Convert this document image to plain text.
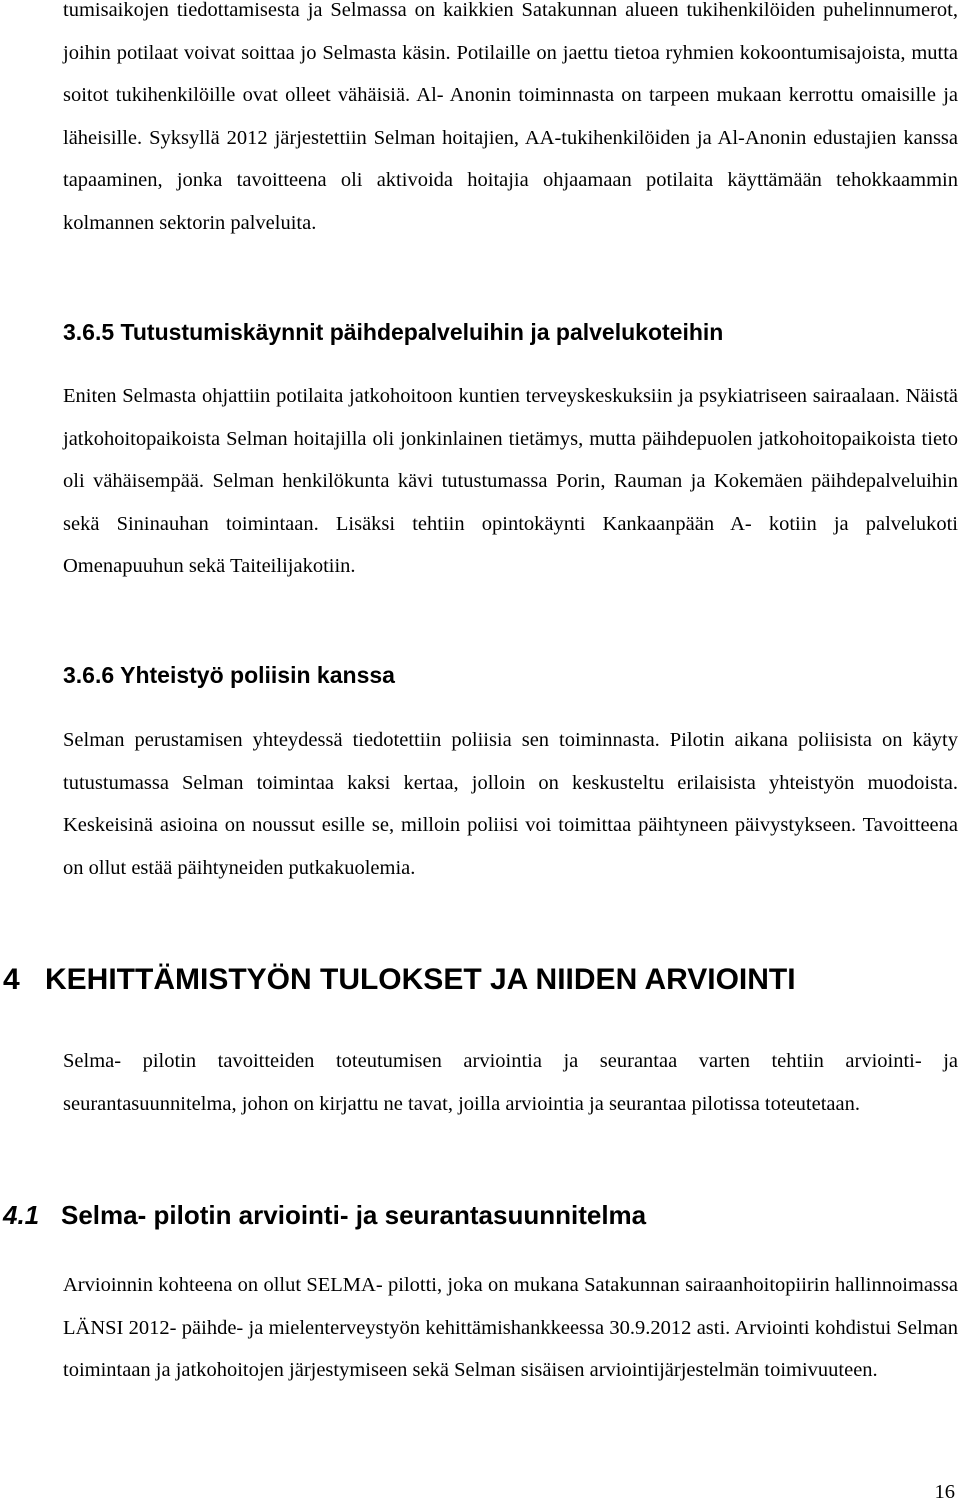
tumisaikojen tiedottamisesta ja Selmassa on kaikkien Satakunnan alueen tukihenkilöiden puhelinnumerot, joihin potilaat voivat soittaa jo Selmasta käsin. Potilaille on jaettu tietoa ryhmien kokoontumisajoista, mutta soitot tukihenkilöille ovat olleet vähäisiä. Al- Anonin toiminnasta on tarpeen mukaan kerrottu omaisille ja läheisille. Syksyllä 2012 järjestettiin Selman hoitajien, AA-tukihenkilöiden ja Al-Anonin edustajien kanssa tapaaminen, jonka tavoitteena oli aktivoida hoitajia ohjaamaan potilaita käyttämään tehokkaammin kolmannen sektorin palveluita.

3.6.5 Tutustumiskäynnit päihdepalveluihin ja palvelukoteihin

Eniten Selmasta ohjattiin potilaita jatkohoitoon kuntien terveyskeskuksiin ja psykiatriseen sairaalaan. Näistä jatkohoitopaikoista Selman hoitajilla oli jonkinlainen tietämys, mutta päihdepuolen jatkohoitopaikoista tieto oli vähäisempää. Selman henkilökunta kävi tutustumassa Porin, Rauman ja Kokemäen päihdepalveluihin sekä Sininauhan toimintaan. Lisäksi tehtiin opintokäynti Kankaanpään A- kotiin ja palvelukoti Omenapuuhun sekä Taiteilijakotiin.

3.6.6 Yhteistyö poliisin kanssa

Selman perustamisen yhteydessä tiedotettiin poliisia sen toiminnasta. Pilotin aikana poliisista on käyty tutustumassa Selman toimintaa kaksi kertaa, jolloin on keskusteltu erilaisista yhteistyön muodoista. Keskeisinä asioina on noussut esille se, milloin poliisi voi toimittaa päihtyneen päivystykseen. Tavoitteena on ollut estää päihtyneiden putkakuolemia.

4 KEHITTÄMISTYÖN TULOKSET JA NIIDEN ARVIOINTI

Selma- pilotin tavoitteiden toteutumisen arviointia ja seurantaa varten tehtiin arviointi- ja seurantasuunnitelma, johon on kirjattu ne tavat, joilla arviointia ja seurantaa pilotissa toteutetaan.

4.1 Selma- pilotin arviointi- ja seurantasuunnitelma

Arvioinnin kohteena on ollut SELMA- pilotti, joka on mukana Satakunnan sairaanhoitopiirin hallinnoimassa LÄNSI 2012- päihde- ja mielenterveystyön kehittämishankkeessa 30.9.2012 asti. Arviointi kohdistui Selman toimintaan ja jatkohoitojen järjestymiseen sekä Selman sisäisen arviointijärjestelmän toimivuuteen.

16
